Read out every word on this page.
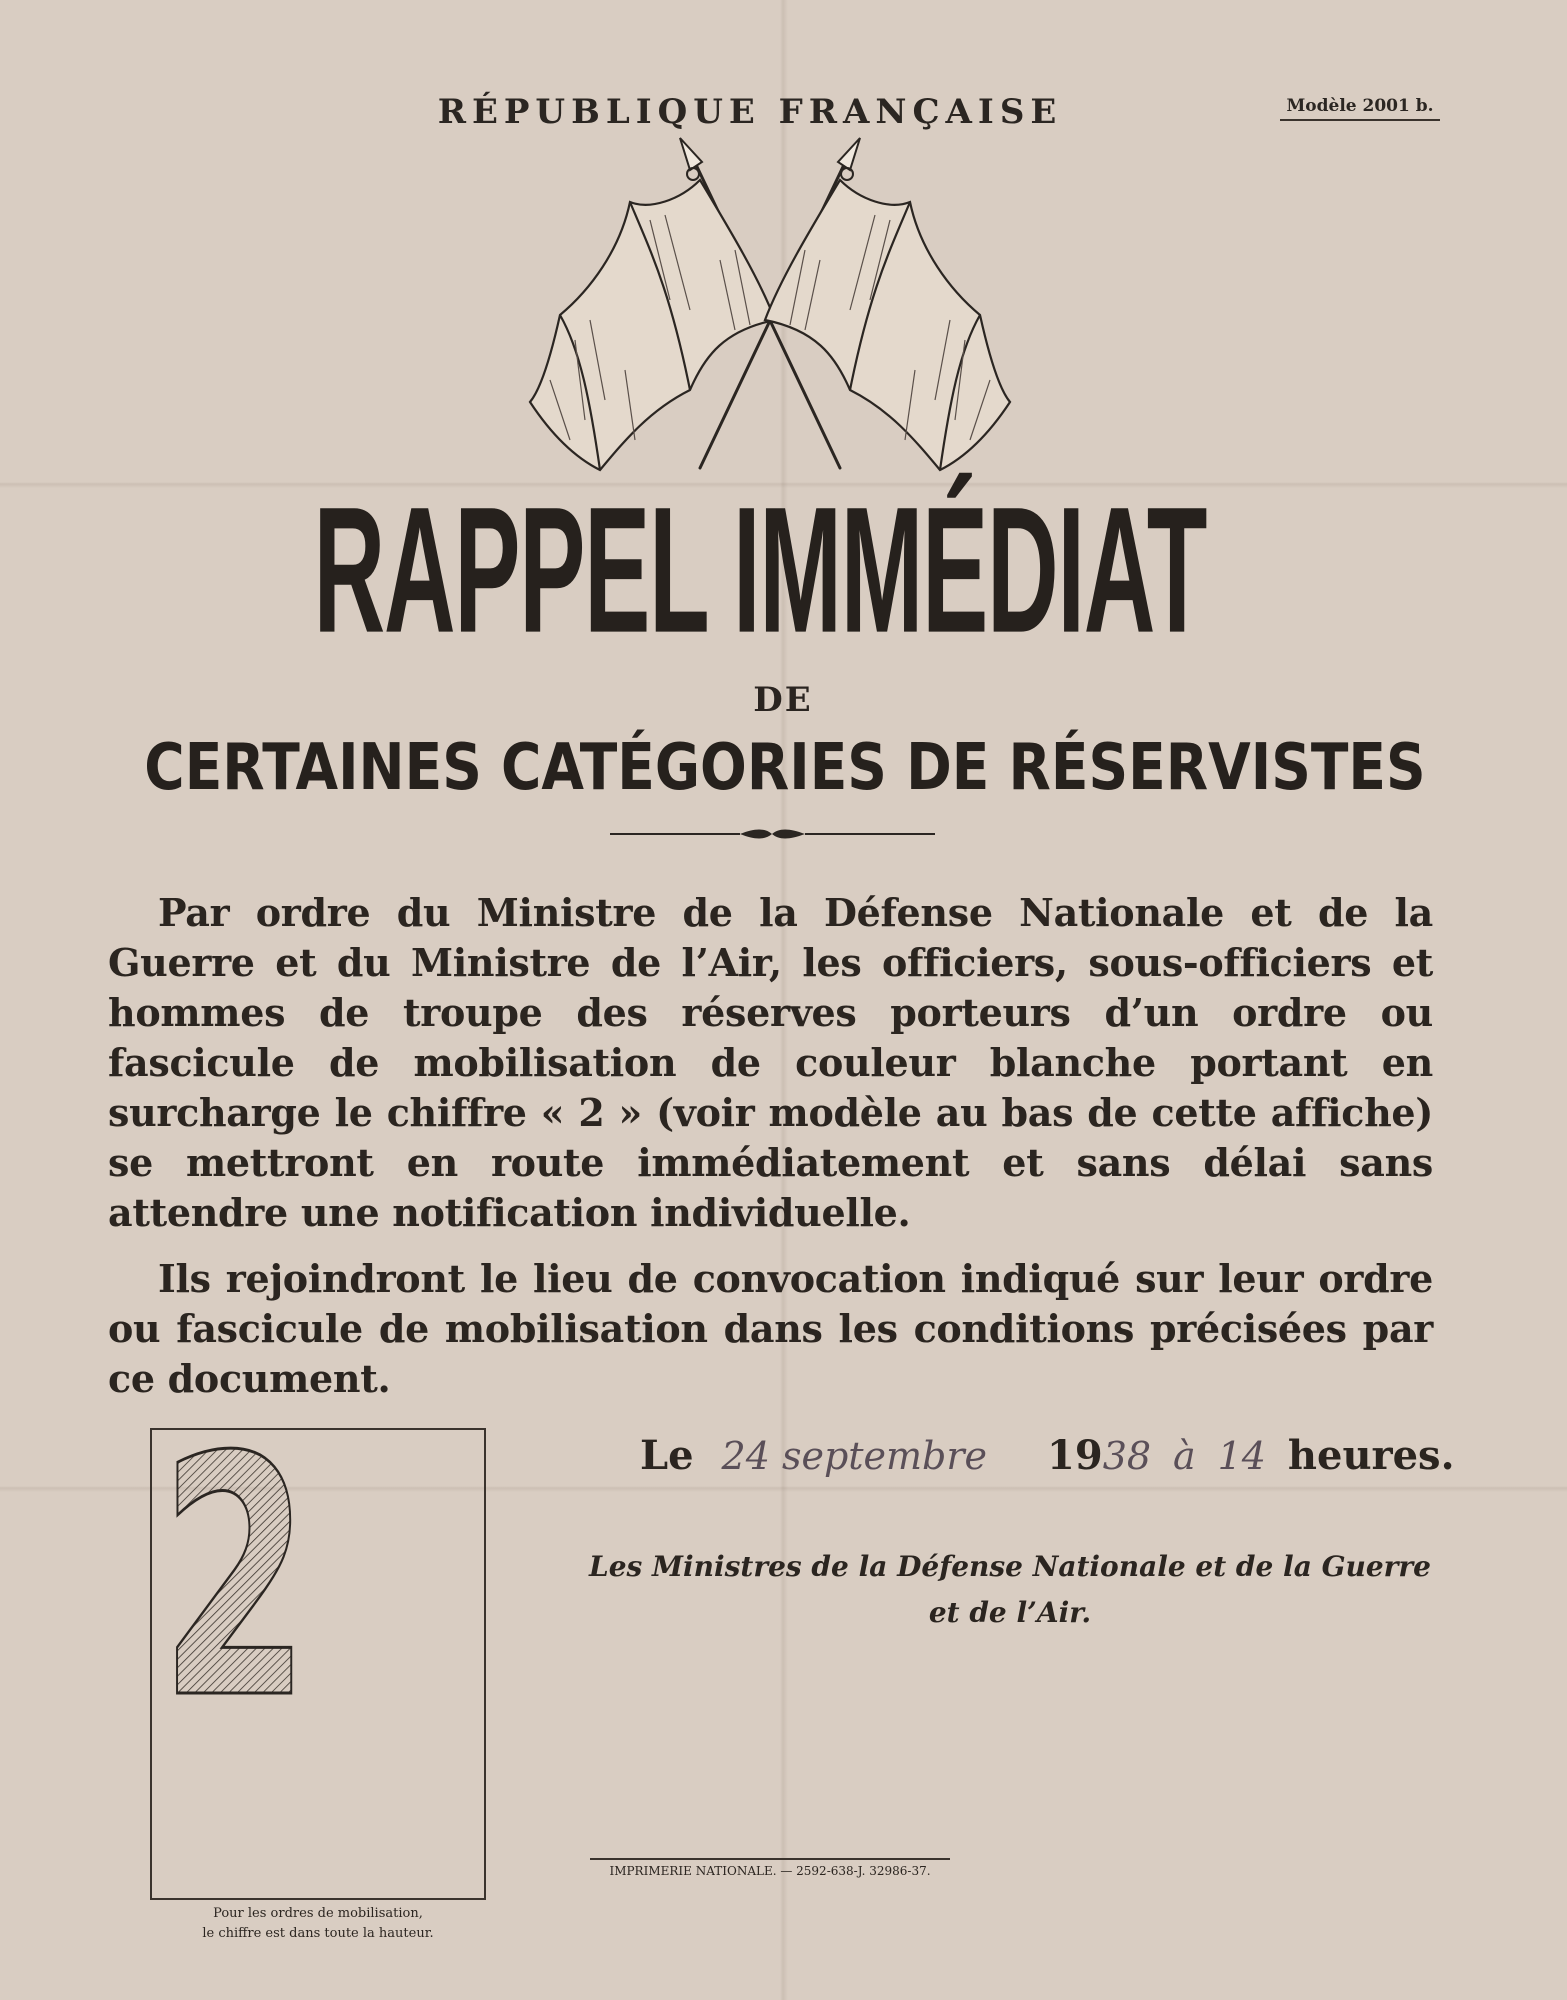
RÉPUBLIQUE FRANÇAISE	Modèle 2001 b.
RAPPEL IMMÉDIAT
DE
CERTAINES CATÉGORIES DE RÉSERVISTES
Par ordre du Ministre de la Défense Nationale et de la Guerre et du Ministre de l’Air, les officiers, sous-officiers et hommes de troupe des réserves porteurs d’un ordre ou fascicule de mobilisation de couleur blanche portant en surcharge le chiffre « 2 » (voir modèle au bas de cette affiche) se mettront en route immédiatement et sans délai sans attendre une notification individuelle.
Ils rejoindront le lieu de convocation indiqué sur leur ordre ou fascicule de mobilisation dans les conditions précisées par ce document.
Le 24 septembre 1938 à 14 heures.
Les Ministres de la Défense Nationale et de la Guerre
et de l’Air.
2
Pour les ordres de mobilisation,
le chiffre est dans toute la hauteur.
IMPRIMERIE NATIONALE. — 2592-638-J. 32986-37.
